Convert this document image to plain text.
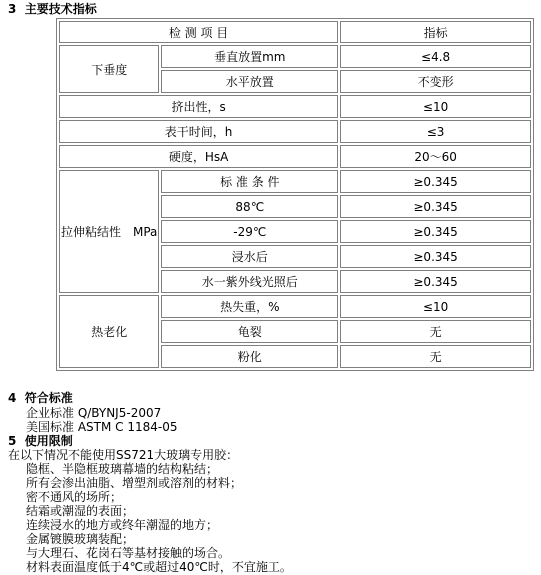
3 主要技术指标
检 测 项 目		指标
下垂度	垂直放置mm	≤4.8
	水平放置	不变形
挤出性，s		≤10
表干时间，h		≤3
硬度，HsA		20～60
拉伸粘结性　MPa	标 准 条 件	≥0.345
	88℃	≥0.345
	-29℃	≥0.345
	浸水后	≥0.345
	水一紫外线光照后	≥0.345
热老化	热失重，%	≤10
	龟裂	无
	粉化	无
4 符合标准
企业标准 Q/BYNJ5-2007
美国标准 ASTM C 1184-05
5 使用限制
在以下情况不能使用SS721大玻璃专用胶：
隐框、半隐框玻璃幕墙的结构粘结；
所有会渗出油脂、增塑剂或溶剂的材料；
密不通风的场所；
结霜或潮湿的表面；
连续浸水的地方或终年潮湿的地方；
金属镀膜玻璃装配；
与大理石、花岗石等基材接触的场合。
材料表面温度低于4℃或超过40℃时，不宜施工。
